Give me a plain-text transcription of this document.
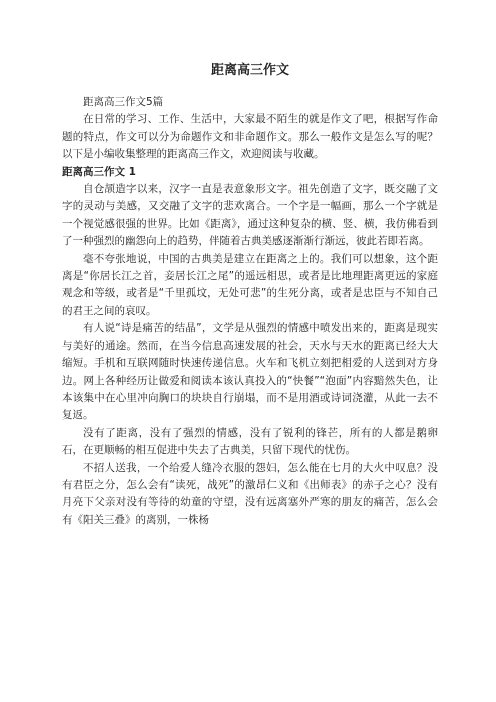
距离高三作文

距离高三作文5篇

在日常的学习、工作、生活中，大家最不陌生的就是作文了吧，根据写作命题的特点，作文可以分为命题作文和非命题作文。那么一般作文是怎么写的呢？以下是小编收集整理的距离高三作文，欢迎阅读与收藏。

距离高三作文 1

自仓颉造字以来，汉字一直是表意象形文字。祖先创造了文字，既交融了文字的灵动与美感，又交融了文字的悲欢离合。一个字是一幅画，那么一个字就是一个视觉感很强的世界。比如《距离》，通过这种复杂的横、竖、横，我仿佛看到了一种强烈的幽怨向上的趋势，伴随着古典美感逐渐渐行渐远，彼此若即若离。

毫不夸张地说，中国的古典美是建立在距离之上的。我们可以想象，这个距离是“你居长江之首，妾居长江之尾”的遥远相思，或者是比地理距离更远的家庭观念和等级，或者是“千里孤坟，无处可悲”的生死分离，或者是忠臣与不知自己的君王之间的哀叹。

有人说“诗是痛苦的结晶”，文学是从强烈的情感中喷发出来的，距离是现实与美好的通途。然而，在当今信息高速发展的社会，天水与天水的距离已经大大缩短。手机和互联网随时快速传递信息。火车和飞机立刻把相爱的人送到对方身边。网上各种经历让做爱和阅读本该认真投入的“快餐”“泡面”内容黯然失色，让本该集中在心里冲向胸口的块块自行崩塌，而不是用酒或诗词浇灌，从此一去不复返。

没有了距离，没有了强烈的情感，没有了锐利的锋芒，所有的人都是鹅卵石，在更顺畅的相互促进中失去了古典美，只留下现代的忧伤。

不招人送我，一个给爱人缝冷衣服的怨妇，怎么能在七月的大火中叹息？没有君臣之分，怎么会有“读死，战死”的激昂仁义和《出师表》的赤子之心？没有月亮下父亲对没有等待的幼童的守望，没有远离塞外严寒的朋友的痛苦，怎么会有《阳关三叠》的离别，一株杨
